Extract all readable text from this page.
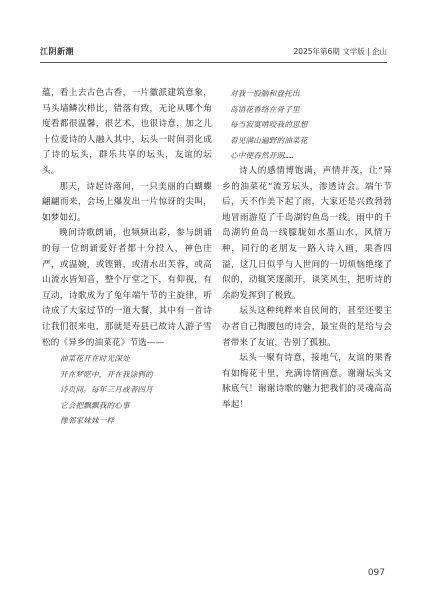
江阴新潮	2025年第6期 文学版 | 企山

蕴，看上去古色古香，一片徽派建筑意象，马头墙鳞次栉比，错落有致，无论从哪个角度看都很温馨，很艺术，也很诗意，加之儿十位爱诗的人融入其中，坛头一时间羽化成了诗的坛头，群乐共享的坛头，友谊的坛头。

那天，诗起诗落间，一只美丽的白蝴蝶翩翩而来，会场上爆发出一片惊讶的尖叫，如梦如幻。

晚间诗歌朗诵，也频频出彩，参与朗诵的每一位朗诵爱好者都十分投入，神色庄严，或温婉，或铿锵，或清水出芙蓉，或高山流水皆知音，整个厅堂之下，有仰视，有互动，诗歌成为了兔年端午节的主旋律，听诗成了大家过节的一道大餐，其中有一首诗让我们很来电，那就是寿县已故诗人游子雪松的《异乡的油菜花》节选——

油菜花开在时光深处
开在梦呓中，开在我涂鸦的
诗页间。每年三月或者四月
它会把飘飘我的心事
像邻家妹妹一样
对我一股脑和盘托出
岛语花香络在骨子里
每当寂寞啃咬我的思想
看见满山遍野的油菜花
心中便吞然开朗……

诗人的感情博饱满，声情并茂，让“异乡的油菜花”流芳坛头，渗透诗会。端午节后，天不作美下起了雨，大家还是兴致勃勃地冒雨游览了千岛湖钓鱼岛一线。雨中的千岛湖钓鱼岛一线朦胧如水墨山水，风情万种，同行的老朋友一路入诗入画，果香四溢，这几日似乎与人世间的一切烦恼绝缘了似的，动辄笑逐颜开，谈笑风生，把听诗的余韵发挥到了极致。

坛头这种纯粹来自民间的，甚至还要主办者自己掏腰包的诗会，最宝贵的是给与会者带来了友谊，告别了孤独。

坛头一聚有诗意，接地气，友谊的果香有如梅花十里，充满诗情画意。谢谢坛头文脉底气！谢谢诗歌的魅力把我们的灵魂高高举起！

097
